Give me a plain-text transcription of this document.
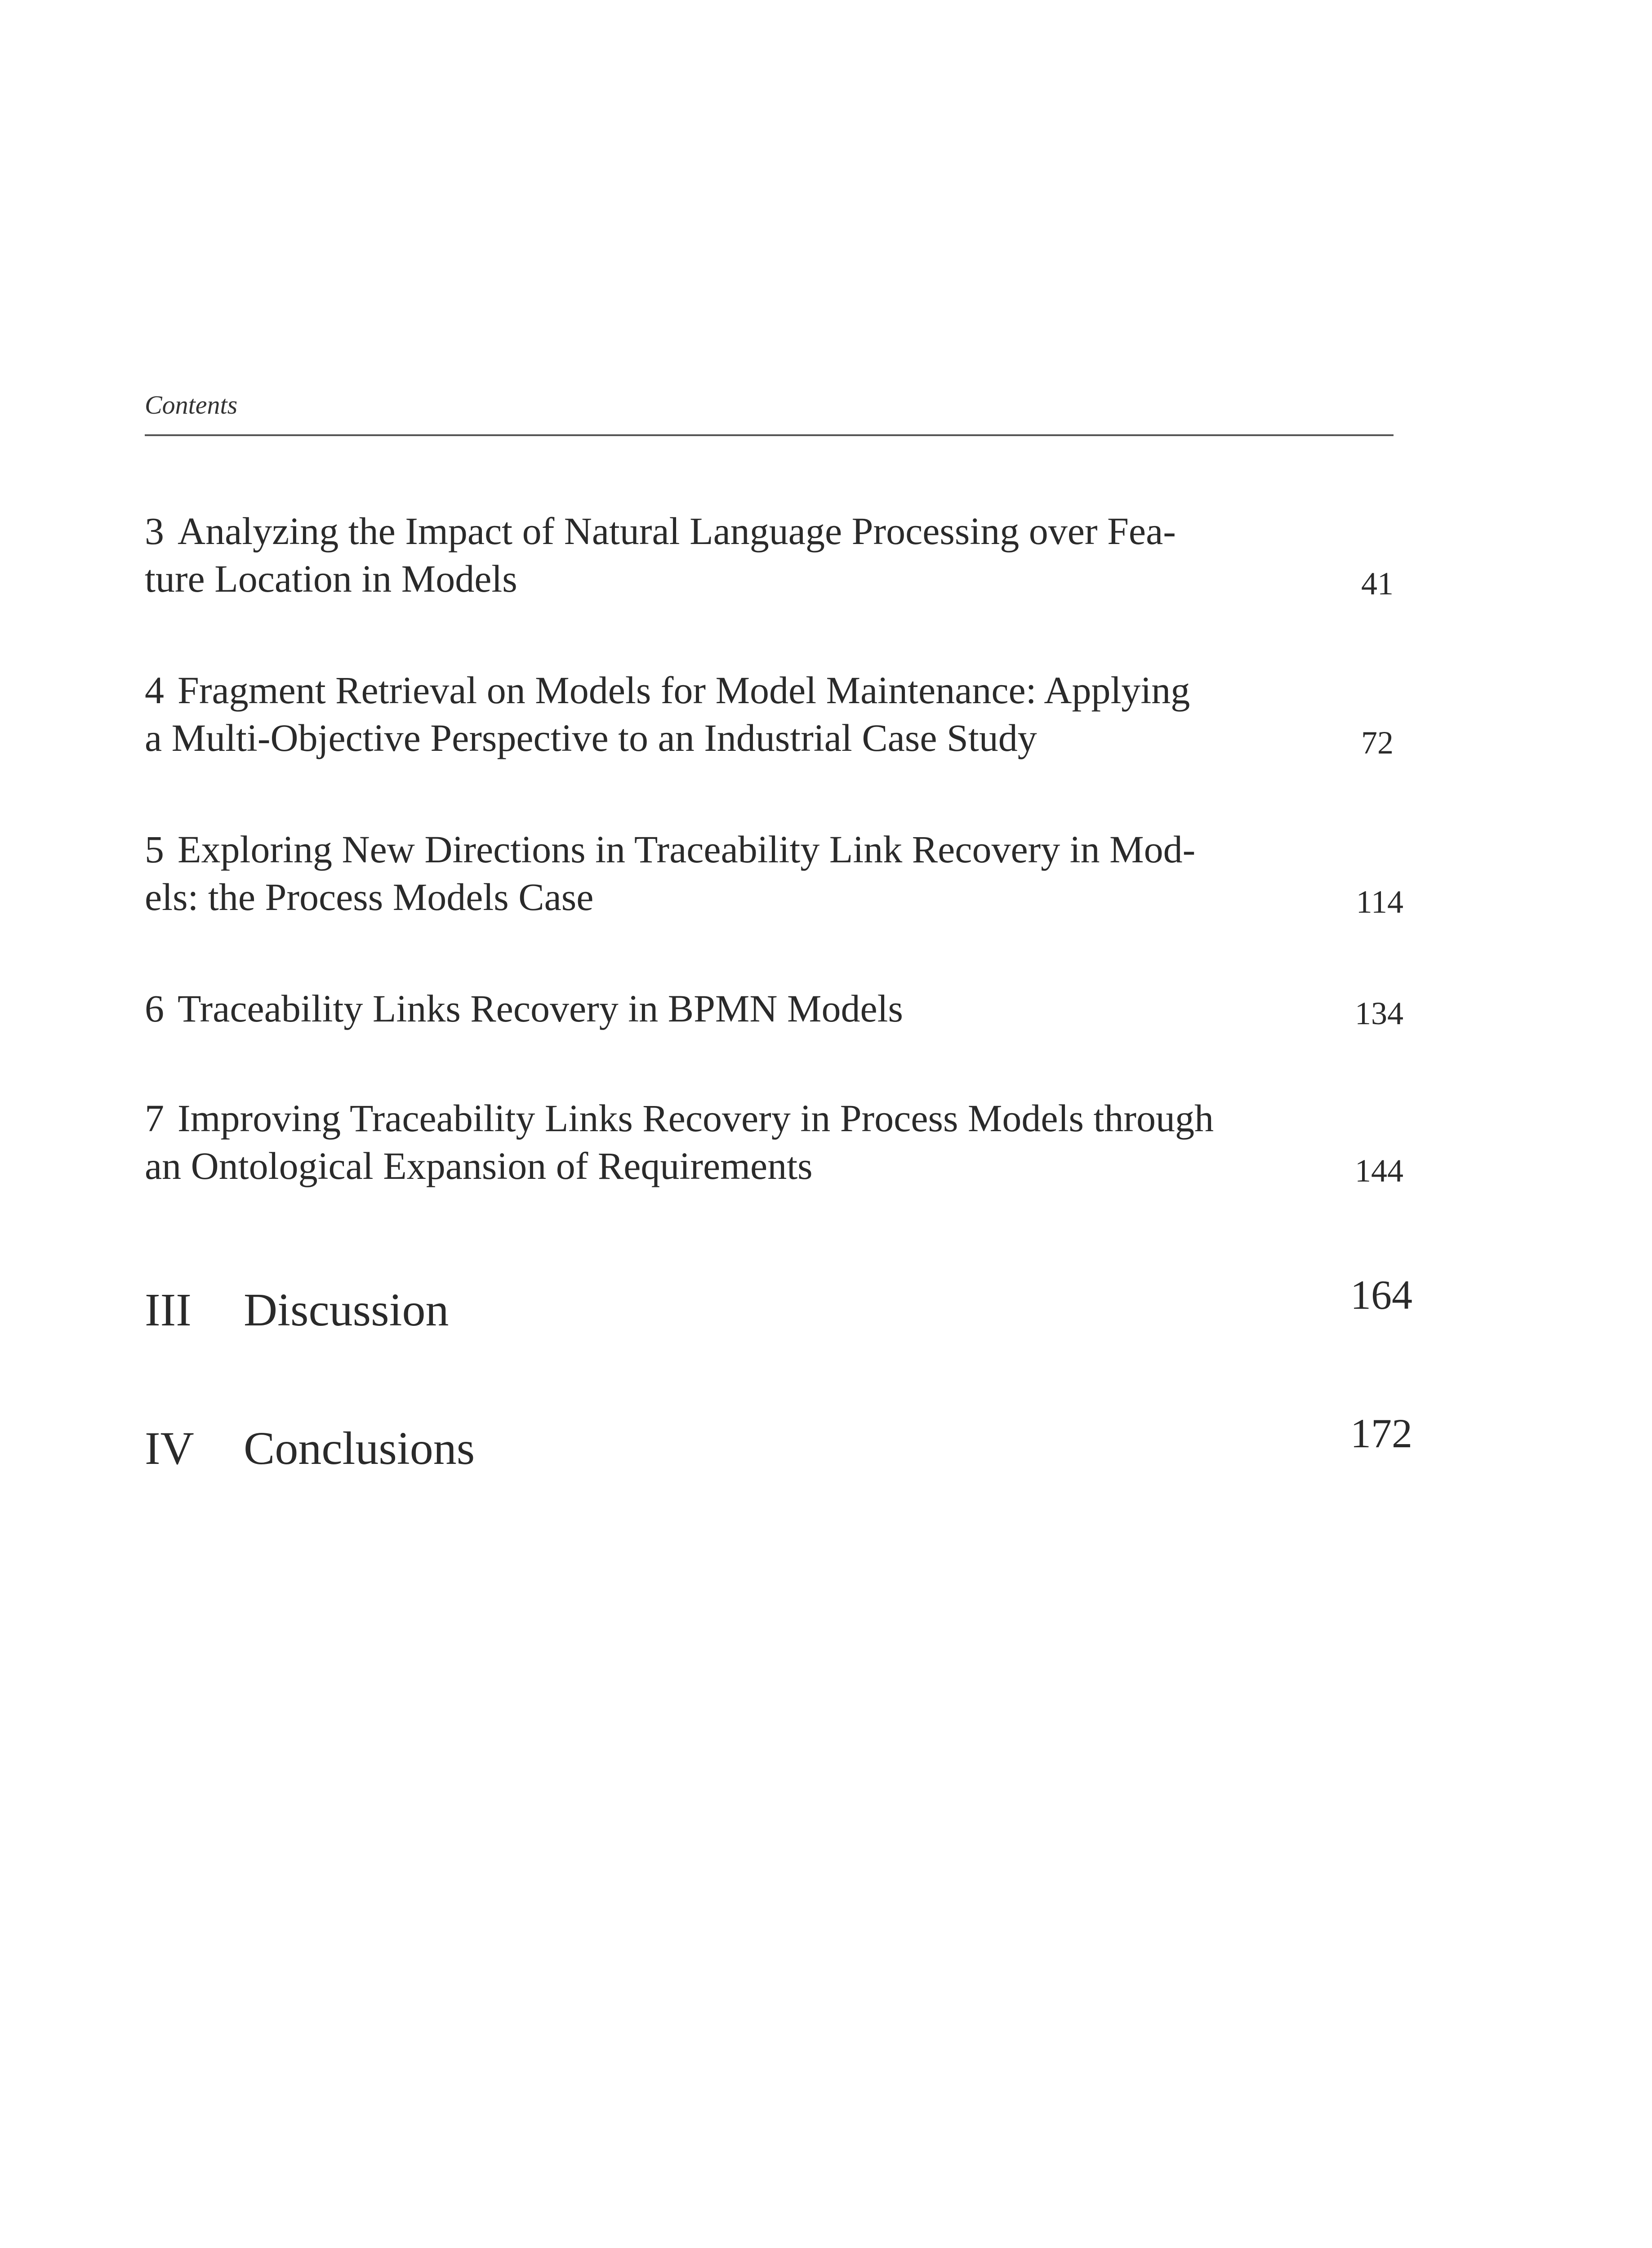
Contents
3 Analyzing the Impact of Natural Language Processing over Fea-
ture Location in Models	41
4 Fragment Retrieval on Models for Model Maintenance: Applying
a Multi-Objective Perspective to an Industrial Case Study	72
5 Exploring New Directions in Traceability Link Recovery in Mod-
els: the Process Models Case	114
6 Traceability Links Recovery in BPMN Models	134
7 Improving Traceability Links Recovery in Process Models through
an Ontological Expansion of Requirements	144
III Discussion	164
IV Conclusions	172
